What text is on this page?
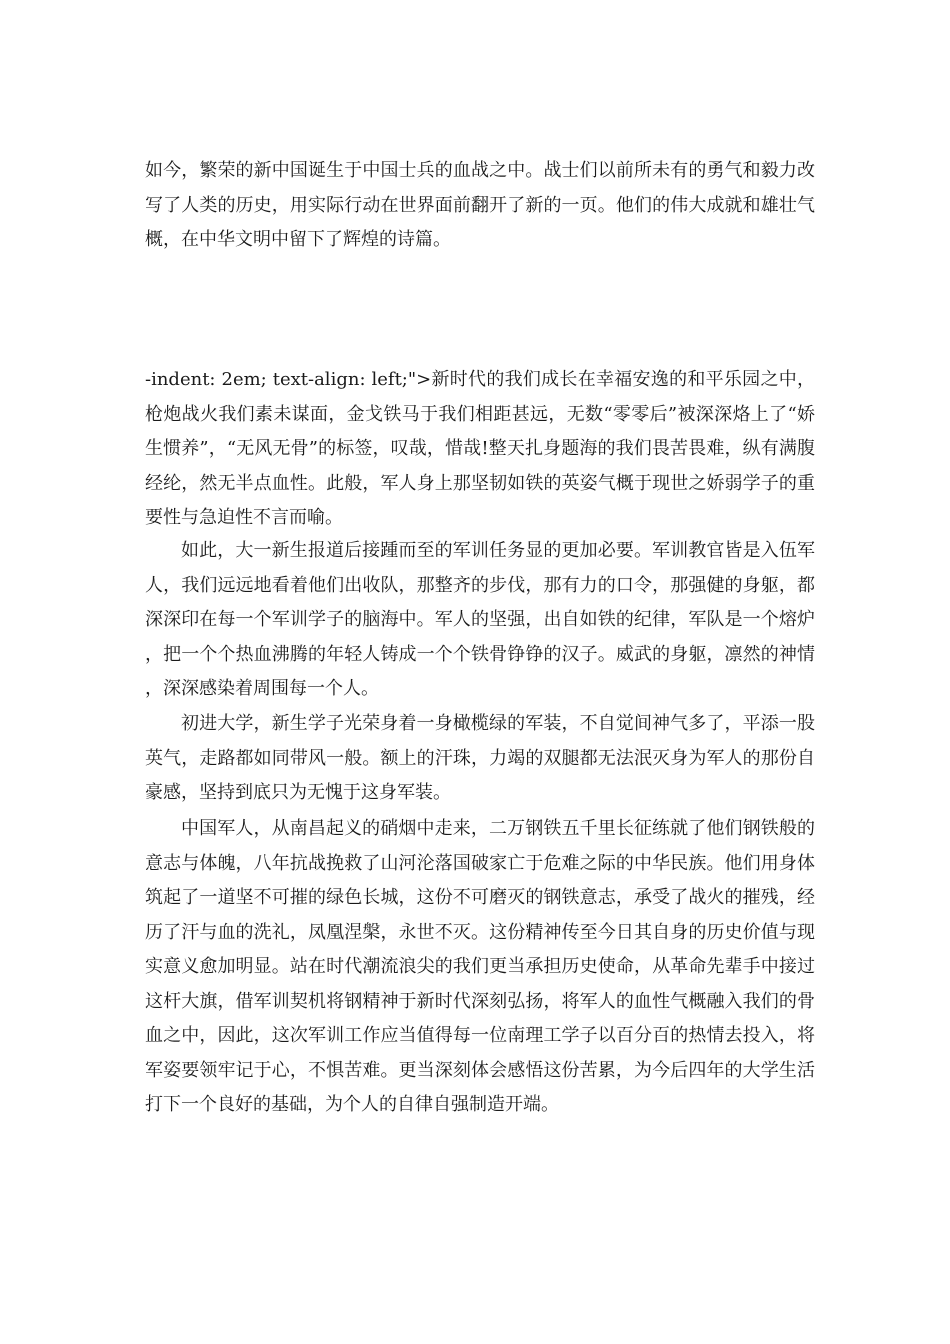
如今，繁荣的新中国诞生于中国士兵的血战之中。战士们以前所未有的勇气和毅力改写了人类的历史，用实际行动在世界面前翻开了新的一页。他们的伟大成就和雄壮气概，在中华文明中留下了辉煌的诗篇。

-indent: 2em; text-align: left;">新时代的我们成长在幸福安逸的和平乐园之中，枪炮战火我们素未谋面，金戈铁马于我们相距甚远，无数“零零后”被深深烙上了“娇生惯养”，“无风无骨”的标签，叹哉，惜哉!整天扎身题海的我们畏苦畏难，纵有满腹经纶，然无半点血性。此般，军人身上那坚韧如铁的英姿气概于现世之娇弱学子的重要性与急迫性不言而喻。

如此，大一新生报道后接踵而至的军训任务显的更加必要。军训教官皆是入伍军人，我们远远地看着他们出收队，那整齐的步伐，那有力的口令，那强健的身躯，都深深印在每一个军训学子的脑海中。军人的坚强，出自如铁的纪律，军队是一个熔炉，把一个个热血沸腾的年轻人铸成一个个铁骨铮铮的汉子。威武的身躯，凛然的神情，深深感染着周围每一个人。

初进大学，新生学子光荣身着一身橄榄绿的军装，不自觉间神气多了，平添一股英气，走路都如同带风一般。额上的汗珠，力竭的双腿都无法泯灭身为军人的那份自豪感，坚持到底只为无愧于这身军装。

中国军人，从南昌起义的硝烟中走来，二万钢铁五千里长征练就了他们钢铁般的意志与体魄，八年抗战挽救了山河沦落国破家亡于危难之际的中华民族。他们用身体筑起了一道坚不可摧的绿色长城，这份不可磨灭的钢铁意志，承受了战火的摧残，经历了汗与血的洗礼，凤凰涅槃，永世不灭。这份精神传至今日其自身的历史价值与现实意义愈加明显。站在时代潮流浪尖的我们更当承担历史使命，从革命先辈手中接过这杆大旗，借军训契机将钢精神于新时代深刻弘扬，将军人的血性气概融入我们的骨血之中，因此，这次军训工作应当值得每一位南理工学子以百分百的热情去投入，将军姿要领牢记于心，不惧苦难。更当深刻体会感悟这份苦累，为今后四年的大学生活打下一个良好的基础，为个人的自律自强制造开端。
